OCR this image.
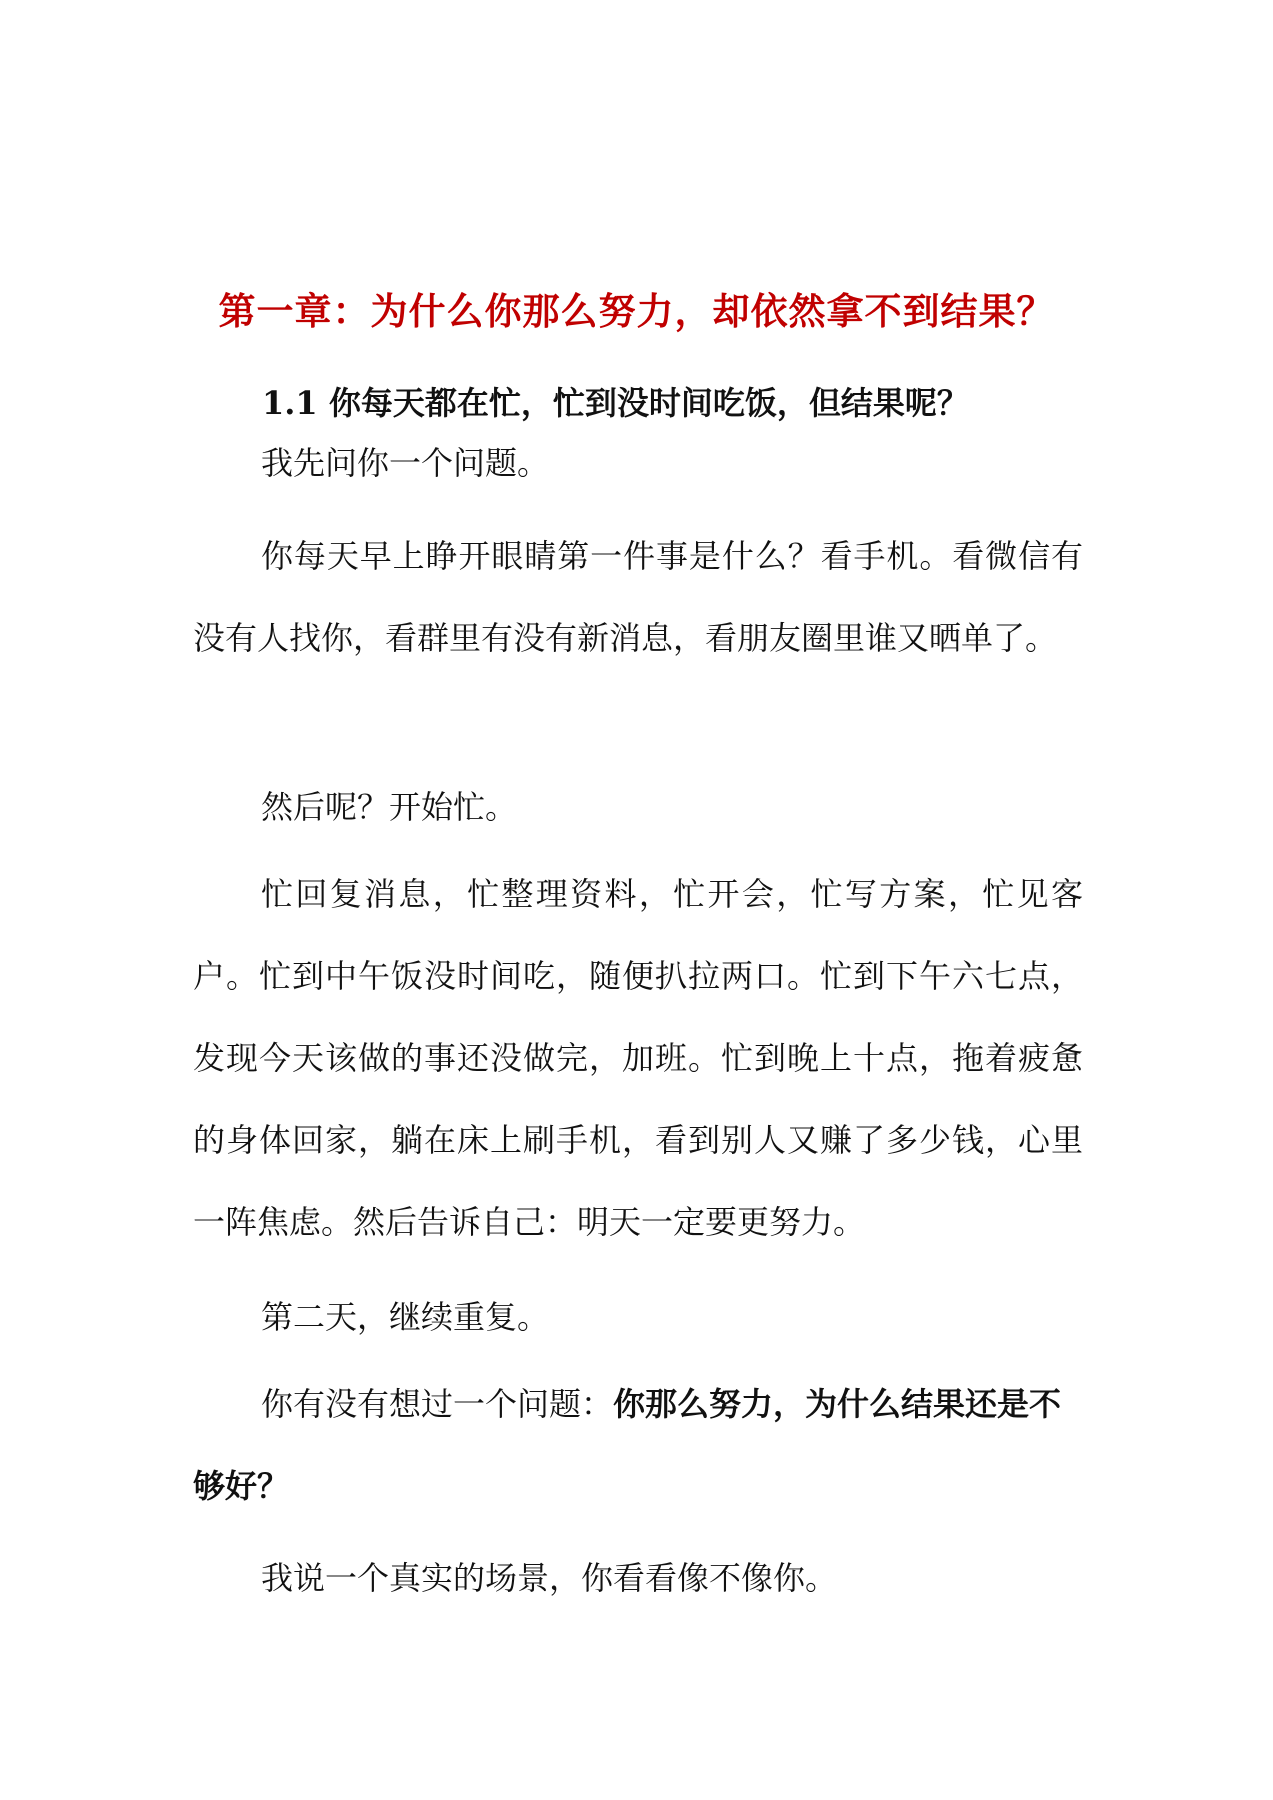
第一章：为什么你那么努力，却依然拿不到结果？
1.1 你每天都在忙，忙到没时间吃饭，但结果呢？

我先问你一个问题。

你每天早上睁开眼睛第一件事是什么？看手机。看微信有没有人找你，看群里有没有新消息，看朋友圈里谁又晒单了。

然后呢？开始忙。

忙回复消息，忙整理资料，忙开会，忙写方案，忙见客户。忙到中午饭没时间吃，随便扒拉两口。忙到下午六七点，发现今天该做的事还没做完，加班。忙到晚上十点，拖着疲惫的身体回家，躺在床上刷手机，看到别人又赚了多少钱，心里一阵焦虑。然后告诉自己：明天一定要更努力。

第二天，继续重复。

你有没有想过一个问题：你那么努力，为什么结果还是不够好？

我说一个真实的场景，你看看像不像你。
